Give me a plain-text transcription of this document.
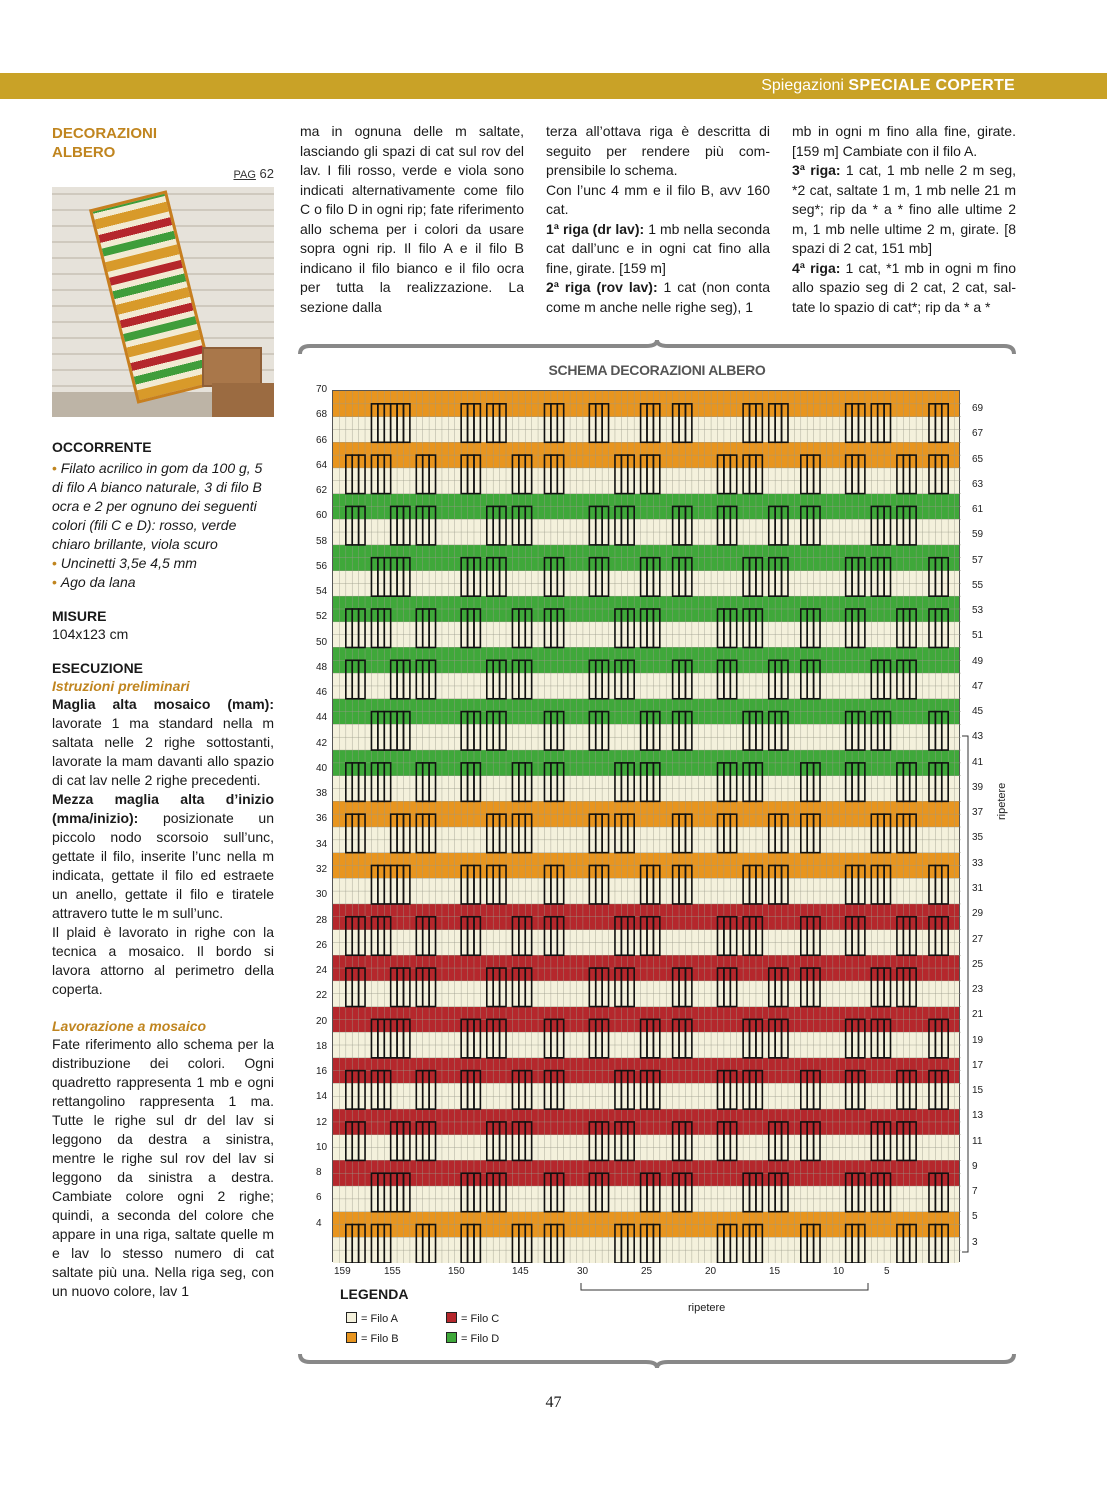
Spiegazioni SPECIALE COPERTE
DECORAZIONI
ALBERO
PAG 62
OCCORRENTE
• Filato acrilico in gom da 100 g, 5 di filo A bianco naturale, 3 di filo B ocra e 2 per ognuno dei seguenti colori (fili C e D): rosso, verde chiaro brillante, viola scuro
• Uncinetti 3,5e 4,5 mm
• Ago da lana
MISURE
104x123 cm
ESECUZIONE
Istruzioni preliminari
Maglia alta mosaico (mam): lavorate 1 ma standard nella m saltata nelle 2 righe sottostanti, lavorate la mam davanti allo spazio di cat lav nelle 2 righe precedenti.
Mezza maglia alta d’inizio (mma/inizio): posizionate un piccolo nodo scorsoio sull’unc, gettate il filo, inserite l’unc nella m indicata, gettate il filo ed estraete un anello, gettate il filo e tiratele attravero tutte le m sull’unc.
Il plaid è lavorato in righe con la tecnica a mosaico. Il bordo si lavora attorno al perimetro della coperta.
Lavorazione a mosaico
Fate riferimento allo schema per la distribuzione dei colori. Ogni quadretto rappresenta 1 mb e ogni rettangolino rappresenta 1 ma. Tutte le righe sul dr del lav si leggono da destra a sinistra, mentre le righe sul rov del lav si leggono da sinistra a destra. Cambiate colore ogni 2 righe; quindi, a seconda del colore che appare in una riga, saltate quelle m e lav lo stesso numero di cat saltate più una. Nella riga seg, con un nuovo colore, lav 1
ma in ognuna delle m saltate, lasciando gli spazi di cat sul rov del lav. I fili rosso, verde e viola sono indicati alternativamente come filo C o filo D in ogni rip; fate riferimento allo schema per i colori da usare sopra ogni rip. Il filo A e il filo B indicano il filo bianco e il filo ocra per tutta la realizzazione. La sezione dalla
terza all’ottava riga è descritta di seguito per rendere più comprensibile lo schema.
Con l’unc 4 mm e il filo B, avv 160 cat.
1ª riga (dr lav): 1 mb nella seconda cat dall’unc e in ogni cat fino alla fine, girate. [159 m]
2ª riga (rov lav): 1 cat (non conta come m anche nelle righe seg), 1
mb in ogni m fino alla fine, girate. [159 m] Cambiate con il filo A.
3ª riga: 1 cat, 1 mb nelle 2 m seg, *2 cat, saltate 1 m, 1 mb nelle 21 m seg*; rip da * a * fino alle ultime 2 m, 1 mb nelle ultime 2 m, girate. [8 spazi di 2 cat, 151 mb]
4ª riga: 1 cat, *1 mb in ogni m fino allo spazio seg di 2 cat, 2 cat, saltate lo spazio di cat*; rip da * a *
SCHEMA DECORAZIONI ALBERO
ripetere
ripetere
LEGENDA
= Filo A
= Filo B
= Filo C
= Filo D
70
68
66
64
62
60
58
56
54
52
50
48
46
44
42
40
38
36
34
32
30
28
26
24
22
20
18
16
14
12
10
8
6
4
69
67
65
63
61
59
57
55
53
51
49
47
45
43
41
39
37
35
33
31
29
27
25
23
21
19
17
15
13
11
9
7
5
3
159	155	150	145	30	25	20	15	10	5
47
